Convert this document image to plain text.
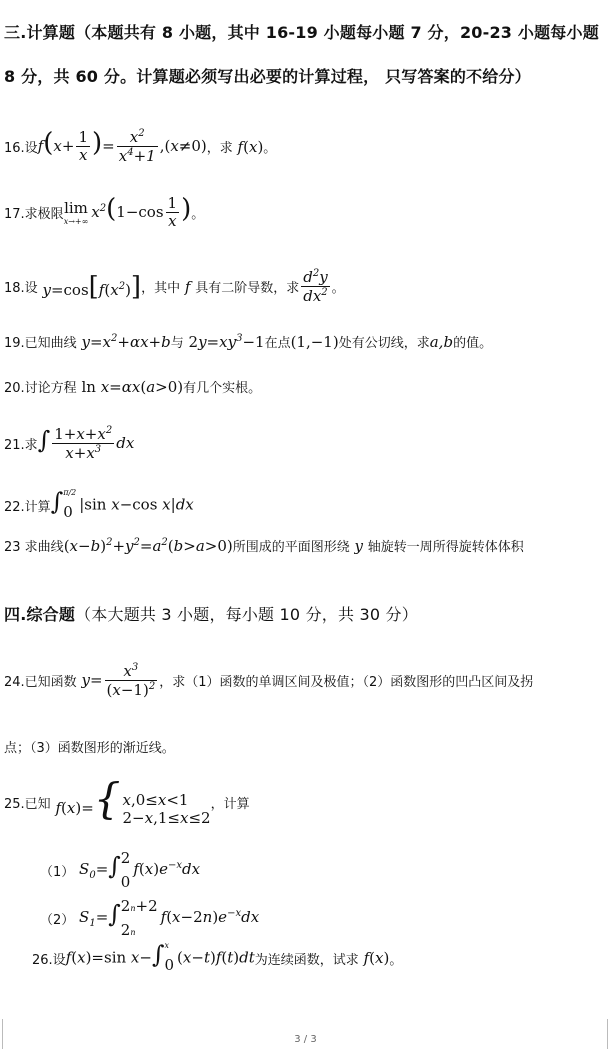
三.计算题（本题共有 8 小题，其中 16-19 小题每小题 7 分，20-23 小题每小题
8 分，共 60 分。计算题必须写出必要的计算过程， 只写答案的不给分）
16.设 $f(x+ \frac{1}{x}$ )= $\frac{x^2}{x^4+1} ,(x\ne 0)$ ，求 f(x) 。
17.求极限 lim
x→+∞
$x^2(1-\cos \frac{1}{x}$ ) 。
18.设 $y=\cos[f(x^2)]$ ，其中 f 具有二阶导数，求 $\frac{d^2y}{dx^2}$ 。
19.已知曲线 $y=x^2+\alpha x+b$ 与 $2y=xy^3-1$ 在点 (1,−1) 处有公切线，求 a,b 的值。
20.讨论方程 ln x=αx(a>0) 有几个实根。
21.求 ∫ $\frac{1+x+x^2}{x+x^3}$ dx
22.计算 ∫ π/2
0 |sin x−cos x|dx
23 求曲线 $(x-b)^2+y^2=a^2(b>a>0)$ 所围成的平面图形绕 y 轴旋转一周所得旋转体体积
四.综合题（本大题共 3 小题，每小题 10 分，共 30 分）
24.已知函数 $y= \frac{x^3}{(x-1)^2}$ ，求（1）函数的单调区间及极值；（2）函数图形的凹凸区间及拐
点；（3）函数图形的渐近线。
25.已知 f(x)={ x,0≤x<1
2−x,1≤x≤2
，计算
（1） $S_0=\int$ 2
0
$f(x)e^{-x}dx$
（2） $S_1=\int$ 2n+2
2n
$f(x-2n)e^{-x}dx$
26.设 f(x)=sin x−∫ x
0 (x−t)f(t)dt 为连续函数，试求 f(x) 。
3 / 3
